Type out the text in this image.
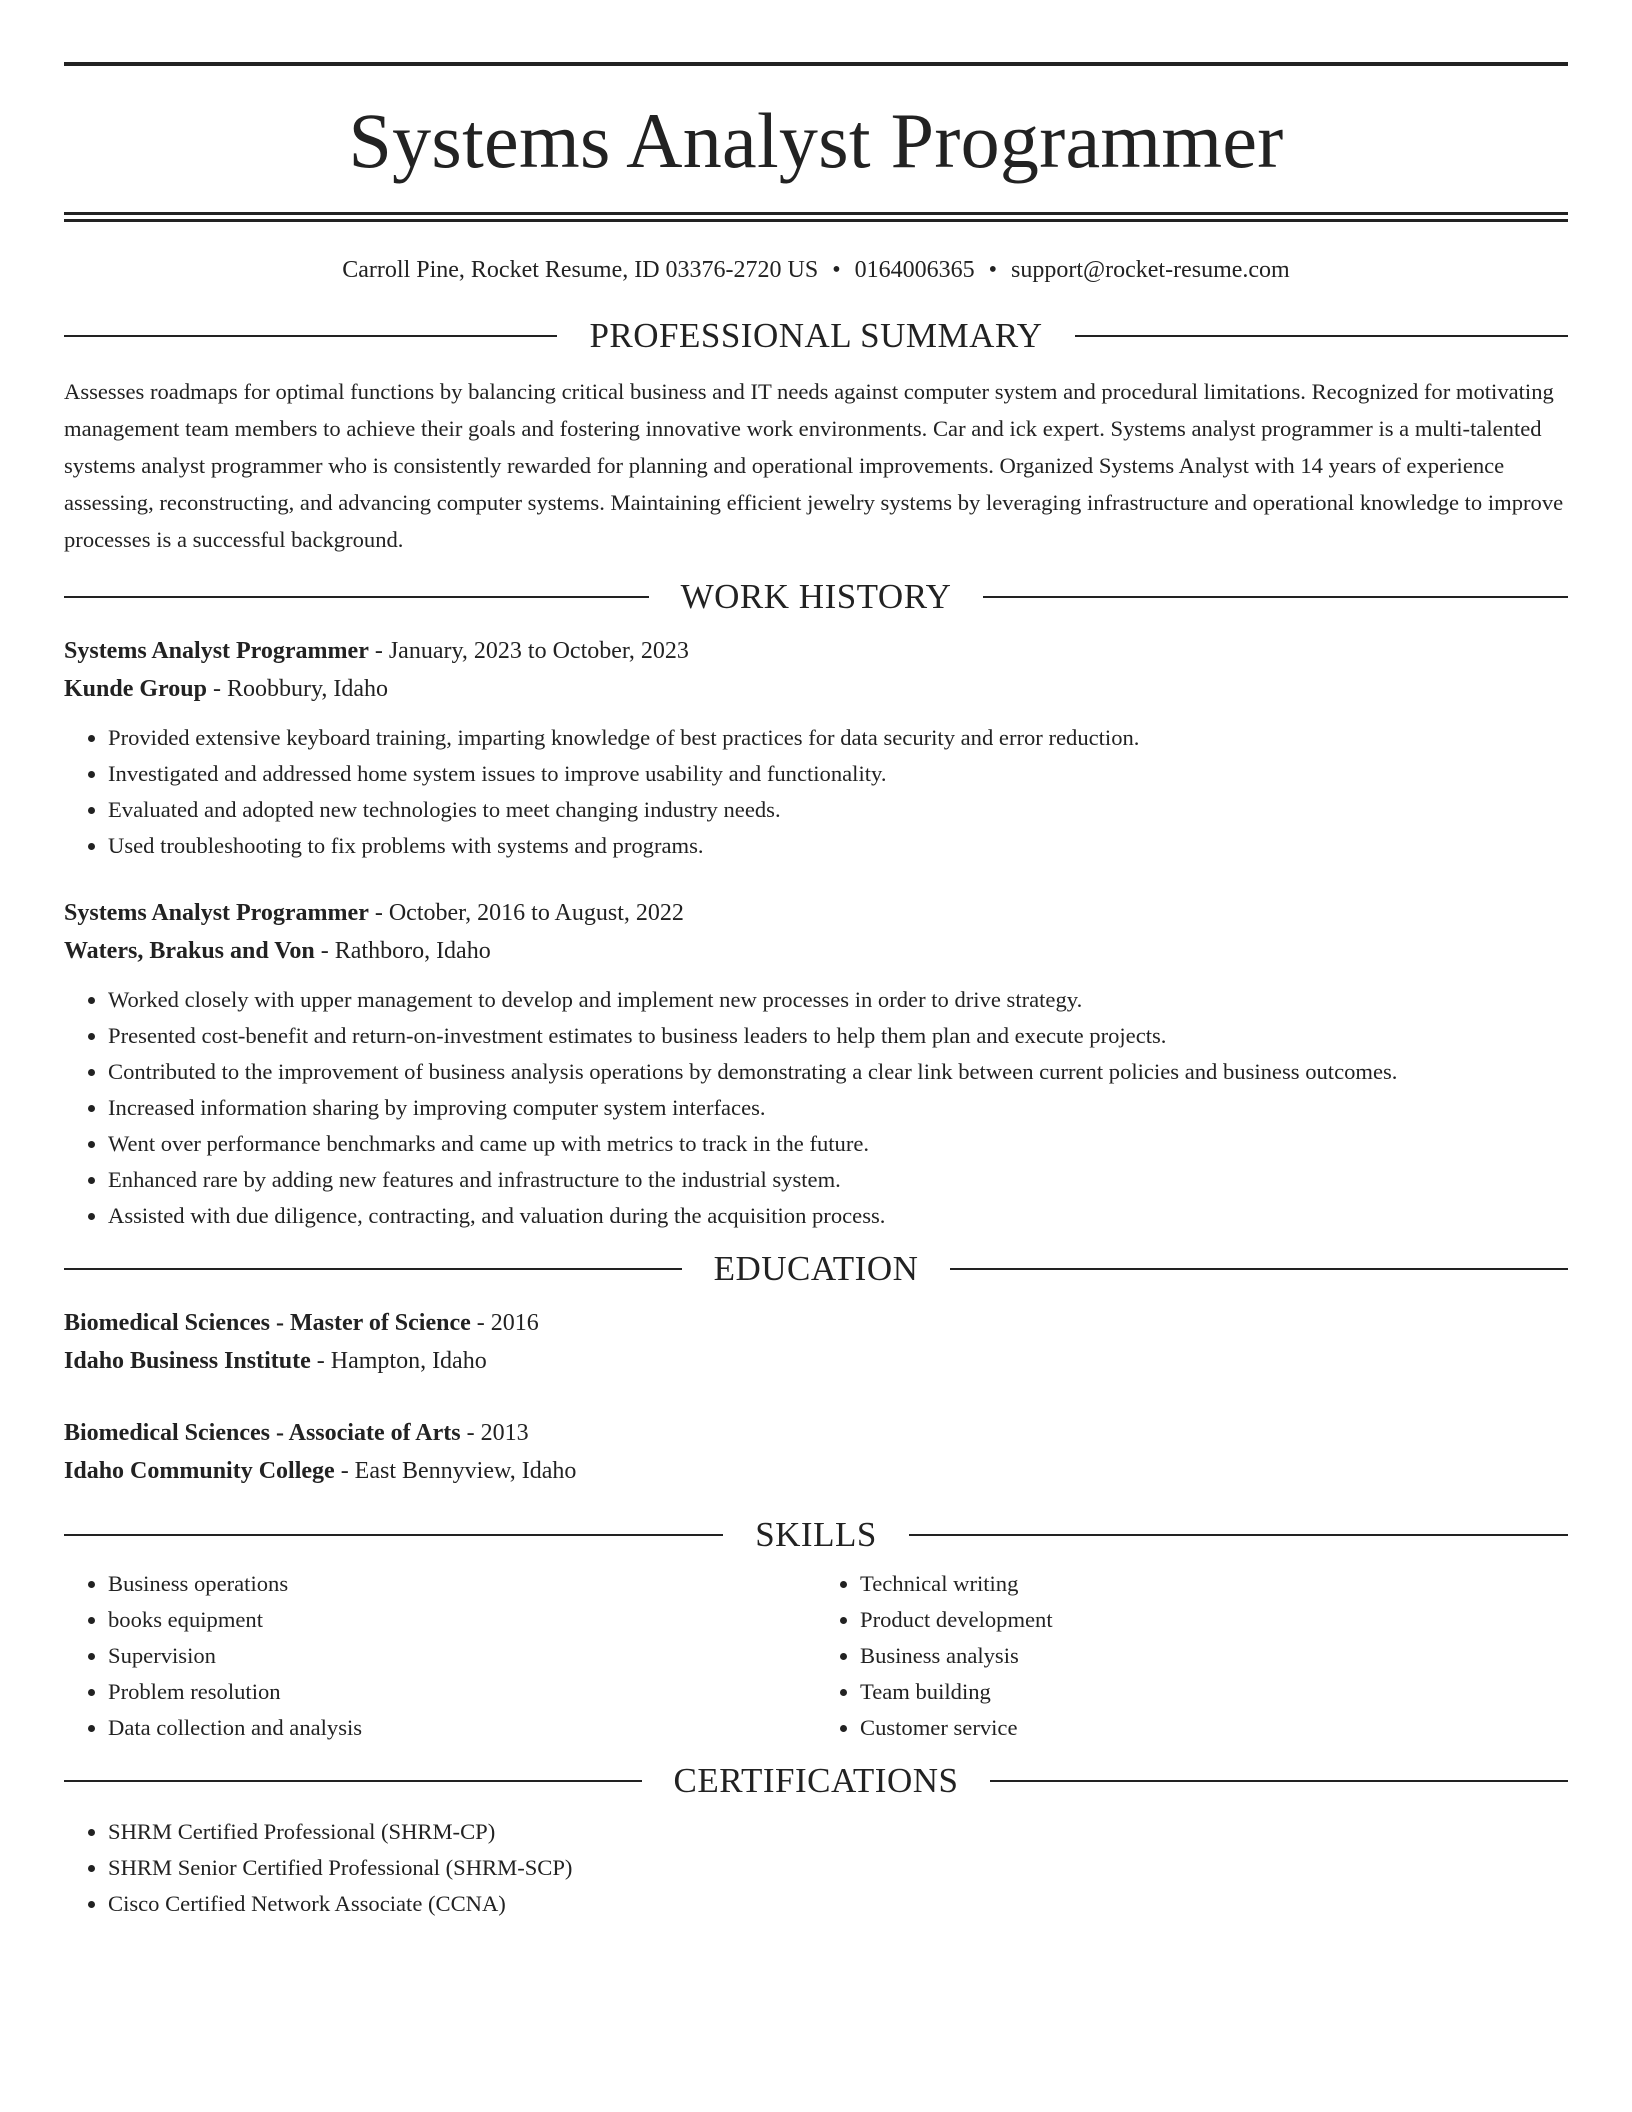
Systems Analyst Programmer
Carroll Pine, Rocket Resume, ID 03376-2720 US • 0164006365 • support@rocket-resume.com
PROFESSIONAL SUMMARY

Assesses roadmaps for optimal functions by balancing critical business and IT needs against computer system and procedural limitations. Recognized for motivating management team members to achieve their goals and fostering innovative work environments. Car and ick expert. Systems analyst programmer is a multi-talented systems analyst programmer who is consistently rewarded for planning and operational improvements. Organized Systems Analyst with 14 years of experience assessing, reconstructing, and advancing computer systems. Maintaining efficient jewelry systems by leveraging infrastructure and operational knowledge to improve processes is a successful background.

WORK HISTORY
Systems Analyst Programmer - January, 2023 to October, 2023
Kunde Group - Roobbury, Idaho
• Provided extensive keyboard training, imparting knowledge of best practices for data security and error reduction.
• Investigated and addressed home system issues to improve usability and functionality.
• Evaluated and adopted new technologies to meet changing industry needs.
• Used troubleshooting to fix problems with systems and programs.
Systems Analyst Programmer - October, 2016 to August, 2022
Waters, Brakus and Von - Rathboro, Idaho
• Worked closely with upper management to develop and implement new processes in order to drive strategy.
• Presented cost-benefit and return-on-investment estimates to business leaders to help them plan and execute projects.
• Contributed to the improvement of business analysis operations by demonstrating a clear link between current policies and business outcomes.
• Increased information sharing by improving computer system interfaces.
• Went over performance benchmarks and came up with metrics to track in the future.
• Enhanced rare by adding new features and infrastructure to the industrial system.
• Assisted with due diligence, contracting, and valuation during the acquisition process.
EDUCATION
Biomedical Sciences - Master of Science - 2016
Idaho Business Institute - Hampton, Idaho
Biomedical Sciences - Associate of Arts - 2013
Idaho Community College - East Bennyview, Idaho
SKILLS
• Business operations
• books equipment
• Supervision
• Problem resolution
• Data collection and analysis
• Technical writing
• Product development
• Business analysis
• Team building
• Customer service
CERTIFICATIONS
• SHRM Certified Professional (SHRM-CP)
• SHRM Senior Certified Professional (SHRM-SCP)
• Cisco Certified Network Associate (CCNA)
